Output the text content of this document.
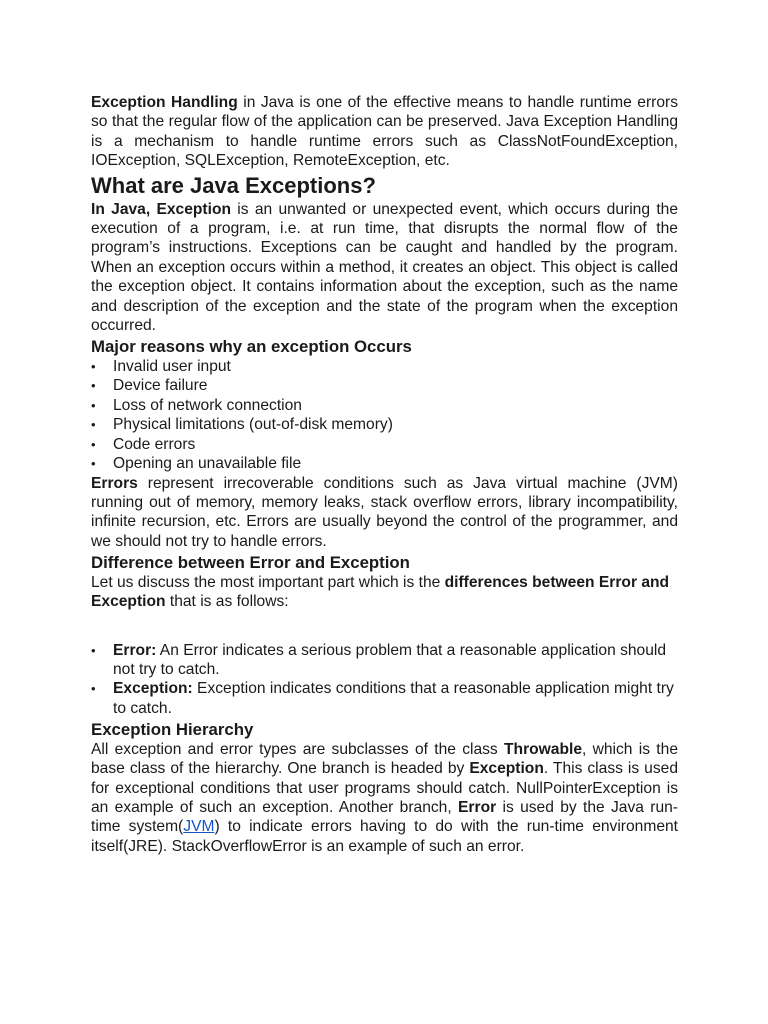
Exception Handling in Java is one of the effective means to handle runtime errors so that the regular flow of the application can be preserved. Java Exception Handling is a mechanism to handle runtime errors such as ClassNotFoundException, IOException, SQLException, RemoteException, etc.

What are Java Exceptions?

In Java, Exception is an unwanted or unexpected event, which occurs during the execution of a program, i.e. at run time, that disrupts the normal flow of the program’s instructions. Exceptions can be caught and handled by the program. When an exception occurs within a method, it creates an object. This object is called the exception object. It contains information about the exception, such as the name and description of the exception and the state of the program when the exception occurred.

Major reasons why an exception Occurs
• Invalid user input
• Device failure
• Loss of network connection
• Physical limitations (out-of-disk memory)
• Code errors
• Opening an unavailable file

Errors represent irrecoverable conditions such as Java virtual machine (JVM) running out of memory, memory leaks, stack overflow errors, library incompatibility, infinite recursion, etc. Errors are usually beyond the control of the programmer, and we should not try to handle errors.

Difference between Error and Exception

Let us discuss the most important part which is the differences between Error and Exception that is as follows:

• Error: An Error indicates a serious problem that a reasonable application should not try to catch.
• Exception: Exception indicates conditions that a reasonable application might try to catch.
Exception Hierarchy

All exception and error types are subclasses of the class Throwable, which is the base class of the hierarchy. One branch is headed by Exception. This class is used for exceptional conditions that user programs should catch. NullPointerException is an example of such an exception. Another branch, Error is used by the Java run-time system(JVM) to indicate errors having to do with the run-time environment itself(JRE). StackOverflowError is an example of such an error.
